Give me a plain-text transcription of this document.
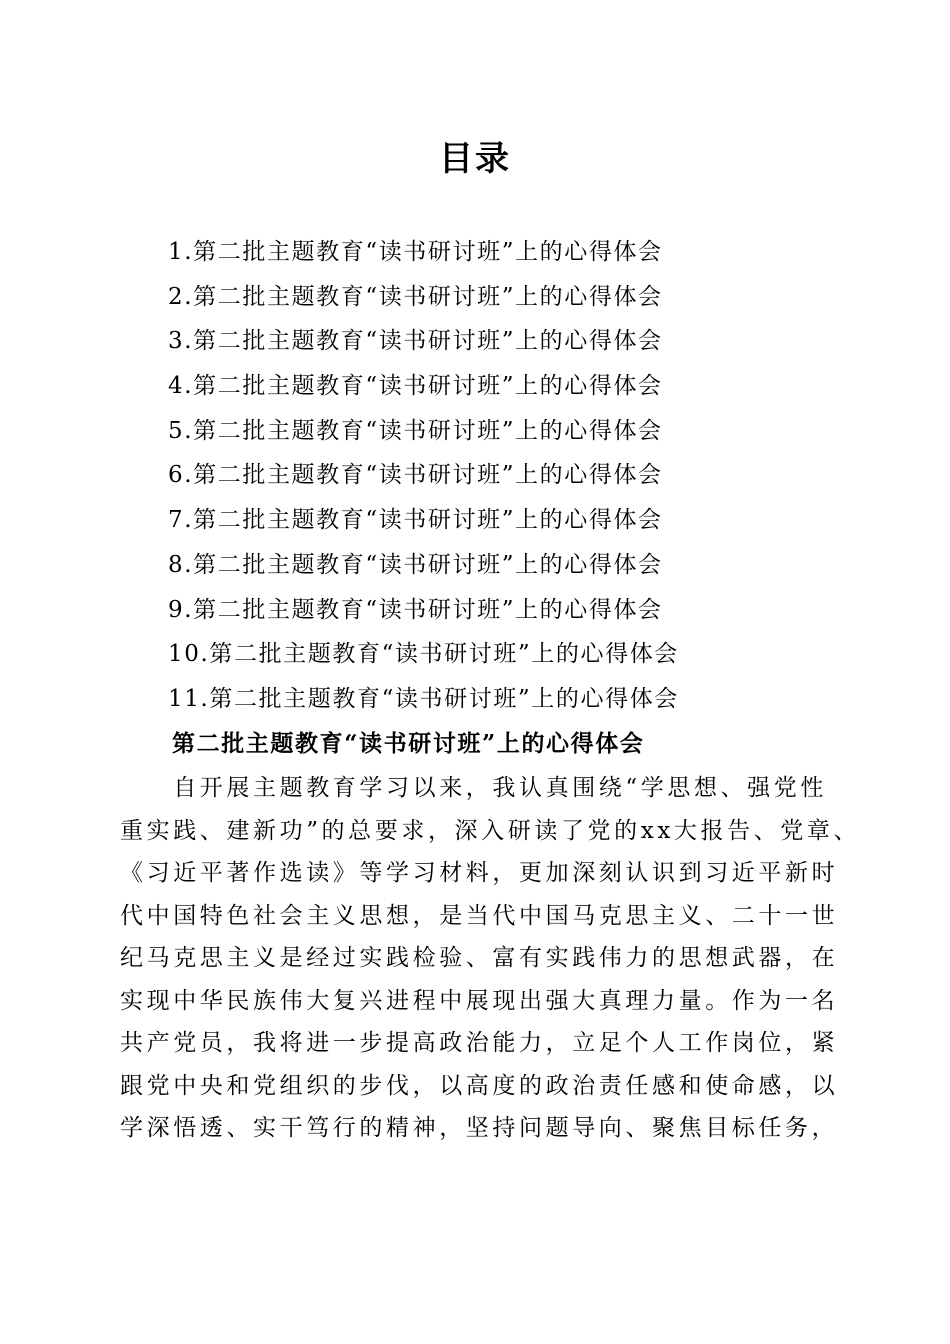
目录
1.第二批主题教育“读书研讨班”上的心得体会
2.第二批主题教育“读书研讨班”上的心得体会
3.第二批主题教育“读书研讨班”上的心得体会
4.第二批主题教育“读书研讨班”上的心得体会
5.第二批主题教育“读书研讨班”上的心得体会
6.第二批主题教育“读书研讨班”上的心得体会
7.第二批主题教育“读书研讨班”上的心得体会
8.第二批主题教育“读书研讨班”上的心得体会
9.第二批主题教育“读书研讨班”上的心得体会
10.第二批主题教育“读书研讨班”上的心得体会
11.第二批主题教育“读书研讨班”上的心得体会
第二批主题教育“读书研讨班”上的心得体会
　　自开展主题教育学习以来，我认真围绕“学思想、强党性
重实践、建新功”的总要求，深入研读了党的xx大报告、党章、
《习近平著作选读》等学习材料，更加深刻认识到习近平新时
代中国特色社会主义思想，是当代中国马克思主义、二十一世
纪马克思主义是经过实践检验、富有实践伟力的思想武器，在
实现中华民族伟大复兴进程中展现出强大真理力量。作为一名
共产党员，我将进一步提高政治能力，立足个人工作岗位，紧
跟党中央和党组织的步伐，以高度的政治责任感和使命感，以
学深悟透、实干笃行的精神，坚持问题导向、聚焦目标任务，
